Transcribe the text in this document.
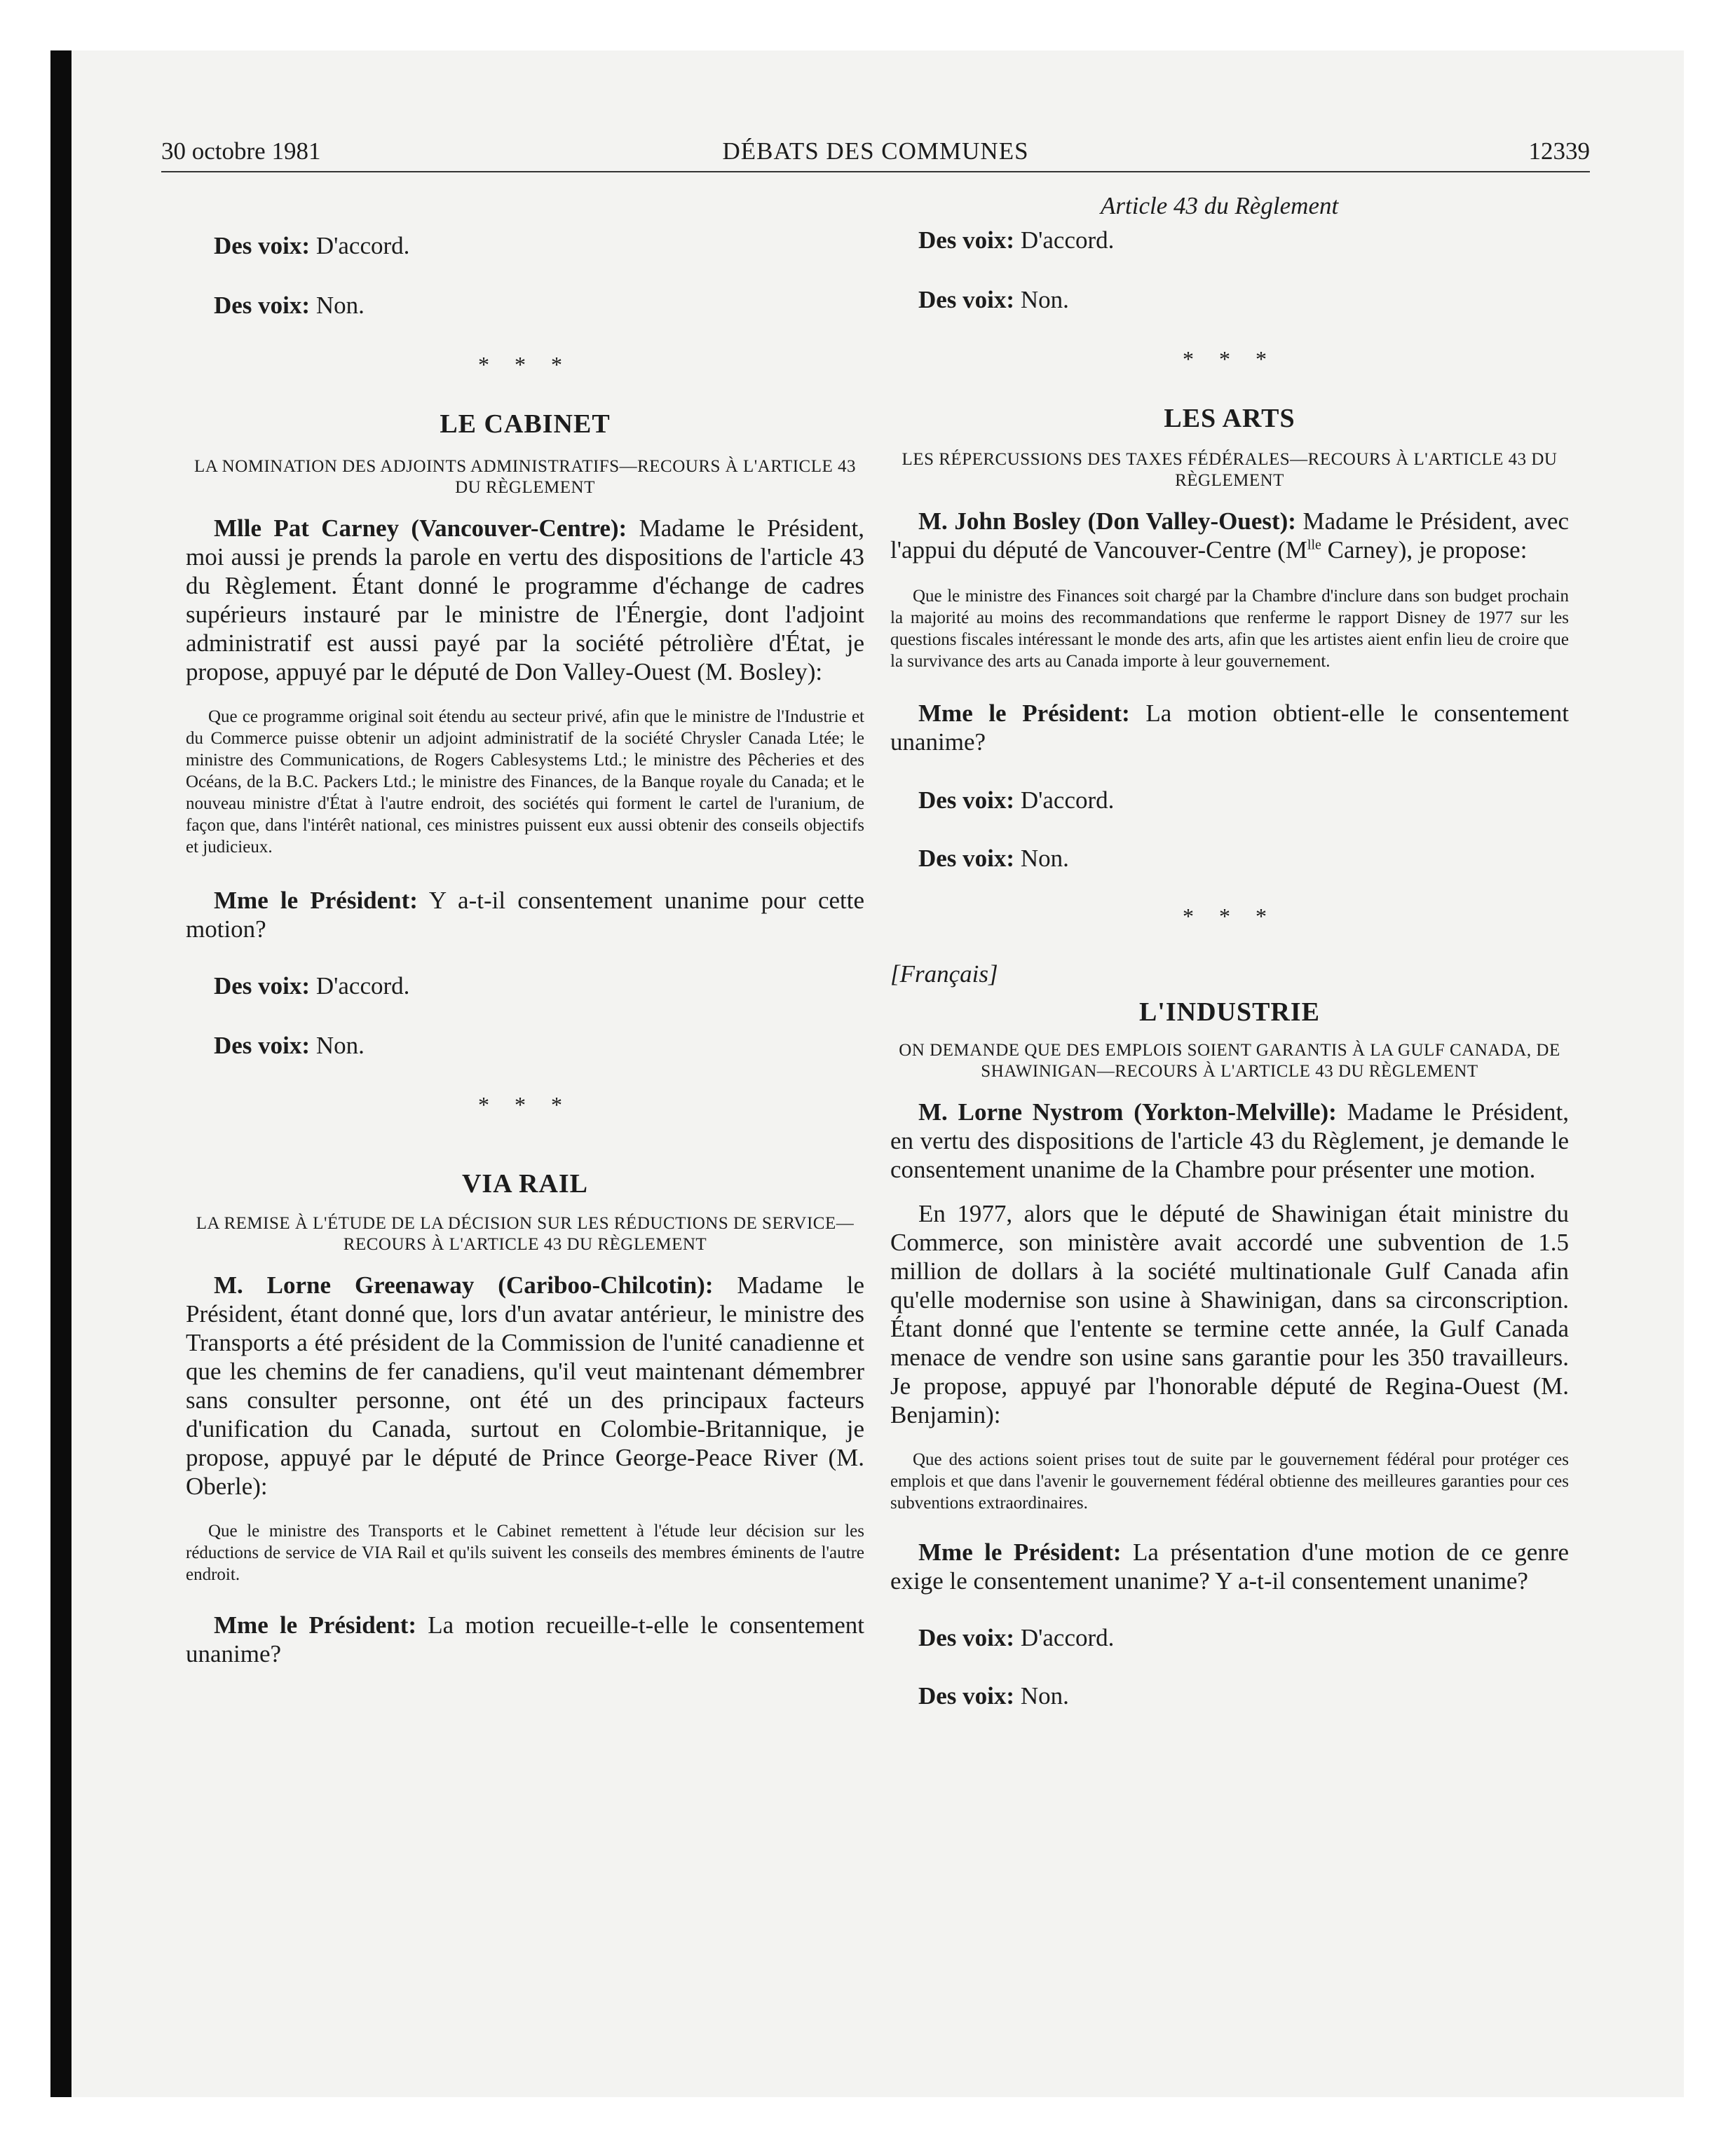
30 octobre 1981	DÉBATS DES COMMUNES	12339

Des voix: D'accord.

Des voix: Non.

* * *

LE CABINET

LA NOMINATION DES ADJOINTS ADMINISTRATIFS—RECOURS À L'ARTICLE 43 DU RÈGLEMENT

Mlle Pat Carney (Vancouver-Centre): Madame le Président, moi aussi je prends la parole en vertu des dispositions de l'article 43 du Règlement. Étant donné le programme d'échange de cadres supérieurs instauré par le ministre de l'Énergie, dont l'adjoint administratif est aussi payé par la société pétrolière d'État, je propose, appuyé par le député de Don Valley-Ouest (M. Bosley):

Que ce programme original soit étendu au secteur privé, afin que le ministre de l'Industrie et du Commerce puisse obtenir un adjoint administratif de la société Chrysler Canada Ltée; le ministre des Communications, de Rogers Cablesystems Ltd.; le ministre des Pêcheries et des Océans, de la B.C. Packers Ltd.; le ministre des Finances, de la Banque royale du Canada; et le nouveau ministre d'État à l'autre endroit, des sociétés qui forment le cartel de l'uranium, de façon que, dans l'intérêt national, ces ministres puissent eux aussi obtenir des conseils objectifs et judicieux.

Mme le Président: Y a-t-il consentement unanime pour cette motion?

Des voix: D'accord.

Des voix: Non.

* * *

VIA RAIL

LA REMISE À L'ÉTUDE DE LA DÉCISION SUR LES RÉDUCTIONS DE SERVICE—RECOURS À L'ARTICLE 43 DU RÈGLEMENT

M. Lorne Greenaway (Cariboo-Chilcotin): Madame le Président, étant donné que, lors d'un avatar antérieur, le ministre des Transports a été président de la Commission de l'unité canadienne et que les chemins de fer canadiens, qu'il veut maintenant démembrer sans consulter personne, ont été un des principaux facteurs d'unification du Canada, surtout en Colombie-Britannique, je propose, appuyé par le député de Prince George-Peace River (M. Oberle):

Que le ministre des Transports et le Cabinet remettent à l'étude leur décision sur les réductions de service de VIA Rail et qu'ils suivent les conseils des membres éminents de l'autre endroit.

Mme le Président: La motion recueille-t-elle le consentement unanime?

Article 43 du Règlement

Des voix: D'accord.

Des voix: Non.

* * *

LES ARTS

LES RÉPERCUSSIONS DES TAXES FÉDÉRALES—RECOURS À L'ARTICLE 43 DU RÈGLEMENT

M. John Bosley (Don Valley-Ouest): Madame le Président, avec l'appui du député de Vancouver-Centre ($M^{lle}$ Carney), je propose:

Que le ministre des Finances soit chargé par la Chambre d'inclure dans son budget prochain la majorité au moins des recommandations que renferme le rapport Disney de 1977 sur les questions fiscales intéressant le monde des arts, afin que les artistes aient enfin lieu de croire que la survivance des arts au Canada importe à leur gouvernement.

Mme le Président: La motion obtient-elle le consentement unanime?

Des voix: D'accord.

Des voix: Non.

* * *

[Français]

L'INDUSTRIE

ON DEMANDE QUE DES EMPLOIS SOIENT GARANTIS À LA GULF CANADA, DE SHAWINIGAN—RECOURS À L'ARTICLE 43 DU RÈGLEMENT

M. Lorne Nystrom (Yorkton-Melville): Madame le Président, en vertu des dispositions de l'article 43 du Règlement, je demande le consentement unanime de la Chambre pour présenter une motion.

En 1977, alors que le député de Shawinigan était ministre du Commerce, son ministère avait accordé une subvention de 1.5 million de dollars à la société multinationale Gulf Canada afin qu'elle modernise son usine à Shawinigan, dans sa circonscription. Étant donné que l'entente se termine cette année, la Gulf Canada menace de vendre son usine sans garantie pour les 350 travailleurs. Je propose, appuyé par l'honorable député de Regina-Ouest (M. Benjamin):

Que des actions soient prises tout de suite par le gouvernement fédéral pour protéger ces emplois et que dans l'avenir le gouvernement fédéral obtienne des meilleures garanties pour ces subventions extraordinaires.

Mme le Président: La présentation d'une motion de ce genre exige le consentement unanime? Y a-t-il consentement unanime?

Des voix: D'accord.

Des voix: Non.
